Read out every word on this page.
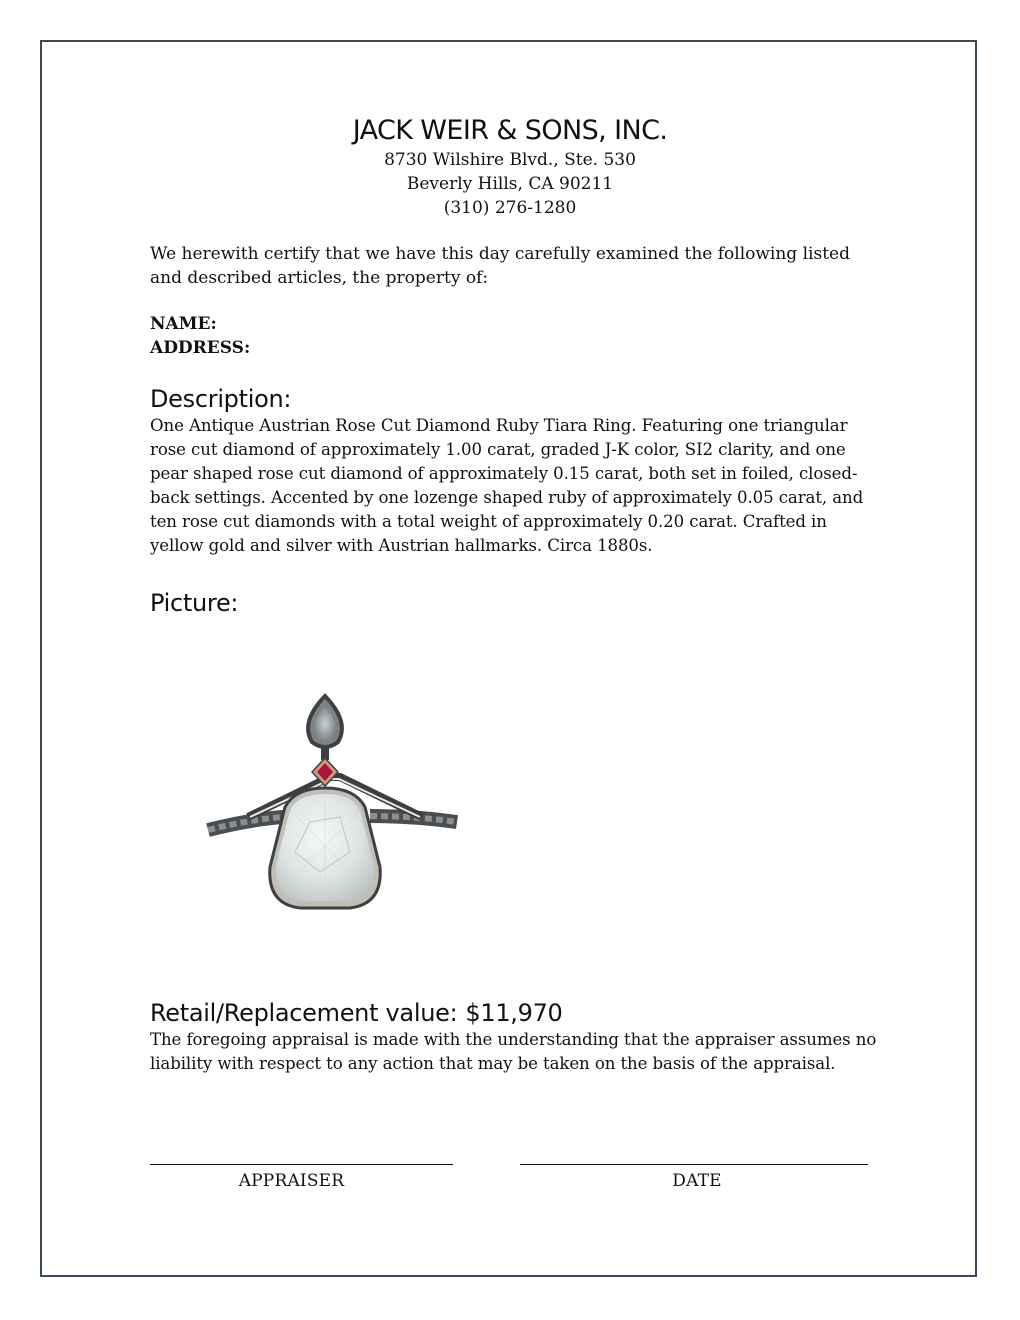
JACK WEIR & SONS, INC.
8730 Wilshire Blvd., Ste. 530
Beverly Hills, CA 90211
(310) 276-1280
We herewith certify that we have this day carefully examined the following listed and described articles, the property of:
NAME:
ADDRESS:
Description:
One Antique Austrian Rose Cut Diamond Ruby Tiara Ring. Featuring one triangular rose cut diamond of approximately 1.00 carat, graded J-K color, SI2 clarity, and one pear shaped rose cut diamond of approximately 0.15 carat, both set in foiled, closed-back settings. Accented by one lozenge shaped ruby of approximately 0.05 carat, and ten rose cut diamonds with a total weight of approximately 0.20 carat. Crafted in yellow gold and silver with Austrian hallmarks. Circa 1880s.
Picture:
Retail/Replacement value: $11,970
The foregoing appraisal is made with the understanding that the appraiser assumes no liability with respect to any action that may be taken on the basis of the appraisal.
APPRAISER	DATE
